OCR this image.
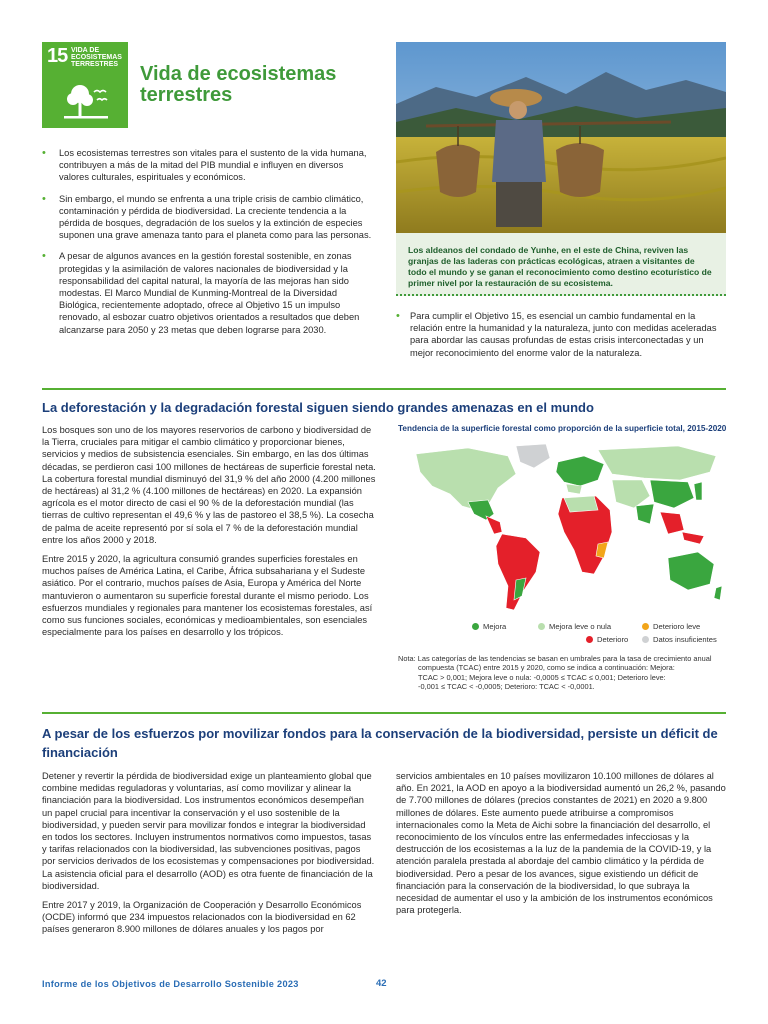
15 VIDA DE ECOSISTEMAS TERRESTRES	Vida de ecosistemas terrestres
• Los ecosistemas terrestres son vitales para el sustento de la vida humana, contribuyen a más de la mitad del PIB mundial e influyen en diversos valores culturales, espirituales y económicos.
• Sin embargo, el mundo se enfrenta a una triple crisis de cambio climático, contaminación y pérdida de biodiversidad. La creciente tendencia a la pérdida de bosques, degradación de los suelos y la extinción de especies suponen una grave amenaza tanto para el planeta como para las personas.
• A pesar de algunos avances en la gestión forestal sostenible, en zonas protegidas y la asimilación de valores nacionales de biodiversidad y la responsabilidad del capital natural, la mayoría de las mejoras han sido modestas. El Marco Mundial de Kunming-Montreal de la Diversidad Biológica, recientemente adoptado, ofrece al Objetivo 15 un impulso renovado, al esbozar cuatro objetivos orientados a resultados que deben alcanzarse para 2050 y 23 metas que deben lograrse para 2030.

Los aldeanos del condado de Yunhe, en el este de China, reviven las granjas de las laderas con prácticas ecológicas, atraen a visitantes de todo el mundo y se ganan el reconocimiento como destino ecoturístico de primer nivel por la restauración de su ecosistema.

• Para cumplir el Objetivo 15, es esencial un cambio fundamental en la relación entre la humanidad y la naturaleza, junto con medidas aceleradas para abordar las causas profundas de estas crisis interconectadas y un mejor reconocimiento del enorme valor de la naturaleza.
La deforestación y la degradación forestal siguen siendo grandes amenazas en el mundo

Los bosques son uno de los mayores reservorios de carbono y biodiversidad de la Tierra, cruciales para mitigar el cambio climático y proporcionar bienes, servicios y medios de subsistencia esenciales. Sin embargo, en las dos últimas décadas, se perdieron casi 100 millones de hectáreas de superficie forestal neta. La cobertura forestal mundial disminuyó del 31,9 % del año 2000 (4.200 millones de hectáreas) al 31,2 % (4.100 millones de hectáreas) en 2020. La expansión agrícola es el motor directo de casi el 90 % de la deforestación mundial (las tierras de cultivo representan el 49,6 % y las de pastoreo el 38,5 %). La cosecha de palma de aceite representó por sí sola el 7 % de la deforestación mundial entre los años 2000 y 2018.

Entre 2015 y 2020, la agricultura consumió grandes superficies forestales en muchos países de América Latina, el Caribe, África subsahariana y el Sudeste asiático. Por el contrario, muchos países de Asia, Europa y América del Norte mantuvieron o aumentaron su superficie forestal durante el mismo periodo. Los esfuerzos mundiales y regionales para mantener los ecosistemas forestales, así como sus funciones sociales, económicas y medioambientales, son esenciales especialmente para los países en desarrollo y los trópicos.

Tendencia de la superficie forestal como proporción de la superficie total, 2015-2020
Mejora	Mejora leve o nula	Deterioro leve
Deterioro	Datos insuficientes
Nota: Las categorías de las tendencias se basan en umbrales para la tasa de crecimiento anual
compuesta (TCAC) entre 2015 y 2020, como se indica a continuación: Mejora:
TCAC > 0,001; Mejora leve o nula: -0,0005 ≤ TCAC ≤ 0,001; Deterioro leve:
-0,001 ≤ TCAC < -0,0005; Deterioro: TCAC < -0,0001.
A pesar de los esfuerzos por movilizar fondos para la conservación de la biodiversidad, persiste un déficit de financiación

Detener y revertir la pérdida de biodiversidad exige un planteamiento global que combine medidas reguladoras y voluntarias, así como movilizar y alinear la financiación para la biodiversidad. Los instrumentos económicos desempeñan un papel crucial para incentivar la conservación y el uso sostenible de la biodiversidad, y pueden servir para movilizar fondos e integrar la biodiversidad en todos los sectores. Incluyen instrumentos normativos como impuestos, tasas y tarifas relacionados con la biodiversidad, las subvenciones positivas, pagos por servicios derivados de los ecosistemas y compensaciones por biodiversidad. La asistencia oficial para el desarrollo (AOD) es otra fuente de financiación de la biodiversidad.

Entre 2017 y 2019, la Organización de Cooperación y Desarrollo Económicos (OCDE) informó que 234 impuestos relacionados con la biodiversidad en 62 países generaron 8.900 millones de dólares anuales y los pagos por

servicios ambientales en 10 países movilizaron 10.100 millones de dólares al año. En 2021, la AOD en apoyo a la biodiversidad aumentó un 26,2 %, pasando de 7.700 millones de dólares (precios constantes de 2021) en 2020 a 9.800 millones de dólares. Este aumento puede atribuirse a compromisos internacionales como la Meta de Aichi sobre la financiación del desarrollo, el reconocimiento de los vínculos entre las enfermedades infecciosas y la destrucción de los ecosistemas a la luz de la pandemia de la COVID-19, y la atención paralela prestada al abordaje del cambio climático y la pérdida de biodiversidad. Pero a pesar de los avances, sigue existiendo un déficit de financiación para la conservación de la biodiversidad, lo que subraya la necesidad de aumentar el uso y la ambición de los instrumentos económicos para protegerla.

Informe de los Objetivos de Desarrollo Sostenible 2023	42
